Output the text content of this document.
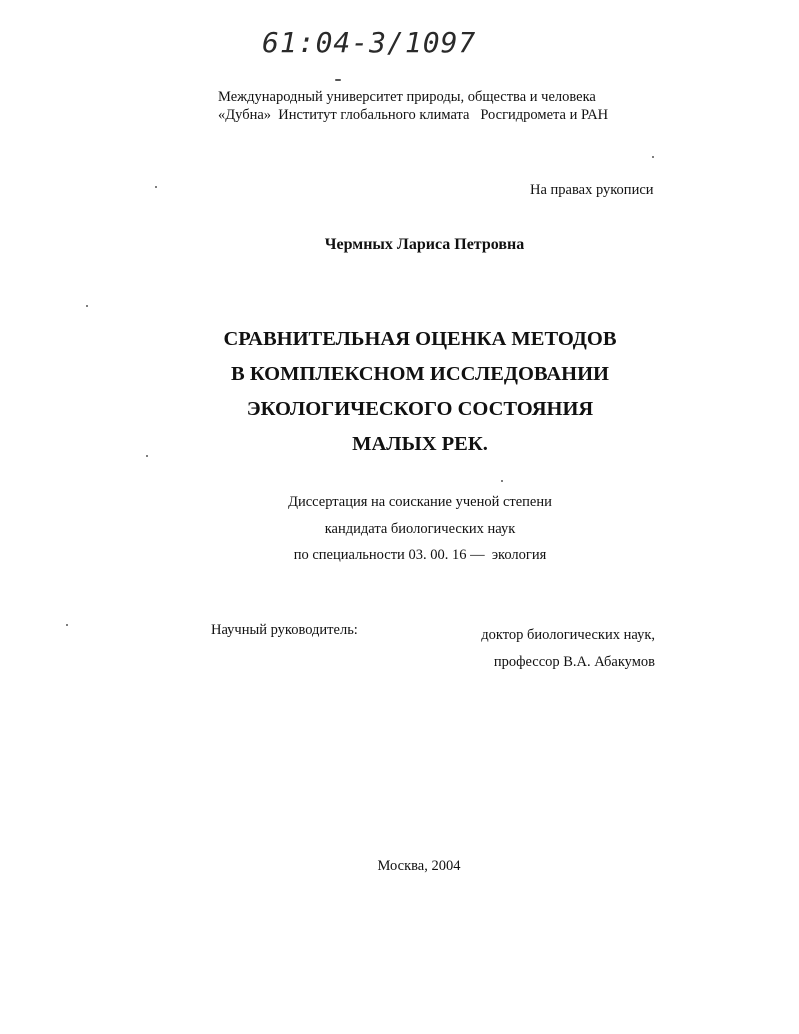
61:04-3/1097
Международный университет природы, общества и человека
«Дубна»  Институт глобального климата   Росгидромета и РАН
На правах рукописи
Чермных Лариса Петровна
СРАВНИТЕЛЬНАЯ ОЦЕНКА МЕТОДОВ
В КОМПЛЕКСНОМ ИССЛЕДОВАНИИ
ЭКОЛОГИЧЕСКОГО СОСТОЯНИЯ
МАЛЫХ РЕК.
Диссертация на соискание ученой степени
кандидата биологических наук
по специальности 03. 00. 16 —  экология
Научный руководитель:	доктор биологических наук,
профессор В.А. Абакумов
Москва, 2004
